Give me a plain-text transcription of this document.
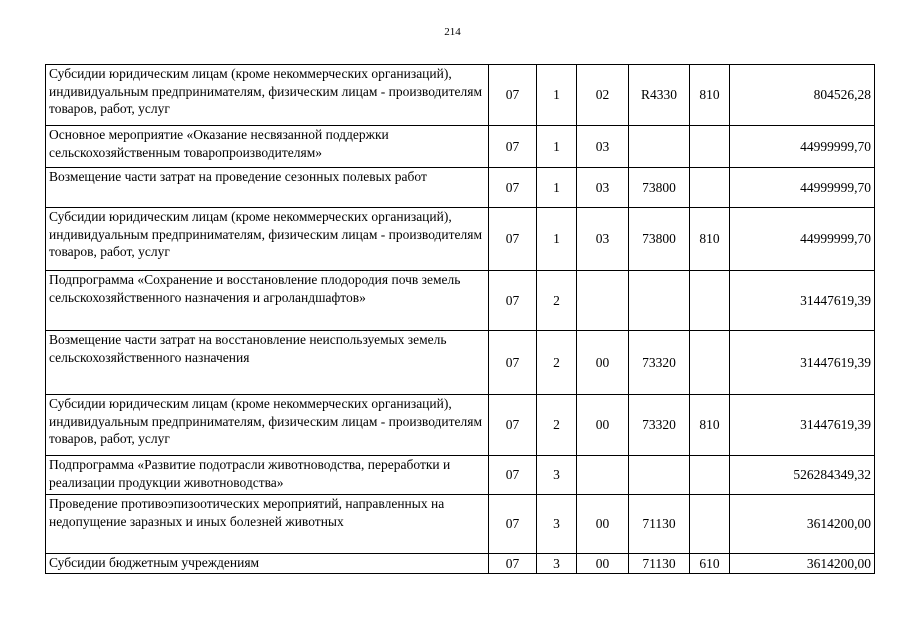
214
Субсидии юридическим лицам (кроме некоммерческих организаций), индивидуальным предпринимателям, физическим лицам - производителям товаров, работ, услуг	07	1	02	R4330	810	804526,28
Основное мероприятие «Оказание несвязанной поддержки сельскохозяйственным товаропроизводителям»	07	1	03			44999999,70
Возмещение части затрат на проведение сезонных полевых работ	07	1	03	73800		44999999,70
Субсидии юридическим лицам (кроме некоммерческих организаций), индивидуальным предпринимателям, физическим лицам - производителям товаров, работ, услуг	07	1	03	73800	810	44999999,70
Подпрограмма «Сохранение и восстановление плодородия почв земель сельскохозяйственного назначения и агроландшафтов»	07	2				31447619,39
Возмещение части затрат на восстановление неиспользуемых земель сельскохозяйственного назначения	07	2	00	73320		31447619,39
Субсидии юридическим лицам (кроме некоммерческих организаций), индивидуальным предпринимателям, физическим лицам - производителям товаров, работ, услуг	07	2	00	73320	810	31447619,39
Подпрограмма «Развитие подотрасли животноводства, переработки и реализации продукции животноводства»	07	3				526284349,32
Проведение противоэпизоотических мероприятий, направленных на недопущение заразных и иных болезней животных	07	3	00	71130		3614200,00
Субсидии бюджетным учреждениям	07	3	00	71130	610	3614200,00
